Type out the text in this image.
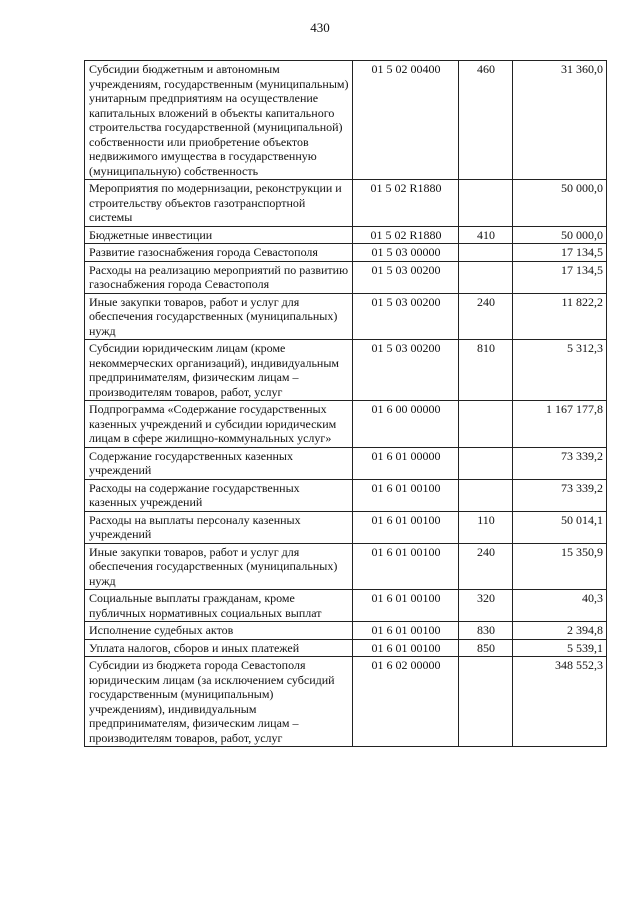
430
Субсидии бюджетным и автономным учреждениям, государственным (муниципальным) унитарным предприятиям на осуществление капитальных вложений в объекты капитального строительства государственной (муниципальной) собственности или приобретение объектов недвижимого имущества в государственную (муниципальную) собственность	01 5 02 00400	460	31 360,0
Мероприятия по модернизации, реконструкции и строительству объектов газотранспортной системы	01 5 02 R1880		50 000,0
Бюджетные инвестиции	01 5 02 R1880	410	50 000,0
Развитие газоснабжения города Севастополя	01 5 03 00000		17 134,5
Расходы на реализацию мероприятий по развитию газоснабжения города Севастополя	01 5 03 00200		17 134,5
Иные закупки товаров, работ и услуг для обеспечения государственных (муниципальных) нужд	01 5 03 00200	240	11 822,2
Субсидии юридическим лицам (кроме некоммерческих организаций), индивидуальным предпринимателям, физическим лицам – производителям товаров, работ, услуг	01 5 03 00200	810	5 312,3
Подпрограмма «Содержание государственных казенных учреждений и субсидии юридическим лицам в сфере жилищно-коммунальных услуг»	01 6 00 00000		1 167 177,8
Содержание государственных казенных учреждений	01 6 01 00000		73 339,2
Расходы на содержание государственных казенных учреждений	01 6 01 00100		73 339,2
Расходы на выплаты персоналу казенных учреждений	01 6 01 00100	110	50 014,1
Иные закупки товаров, работ и услуг для обеспечения государственных (муниципальных) нужд	01 6 01 00100	240	15 350,9
Социальные выплаты гражданам, кроме публичных нормативных социальных выплат	01 6 01 00100	320	40,3
Исполнение судебных актов	01 6 01 00100	830	2 394,8
Уплата налогов, сборов и иных платежей	01 6 01 00100	850	5 539,1
Субсидии из бюджета города Севастополя юридическим лицам (за исключением субсидий государственным (муниципальным) учреждениям), индивидуальным предпринимателям, физическим лицам – производителям товаров, работ, услуг	01 6 02 00000		348 552,3
